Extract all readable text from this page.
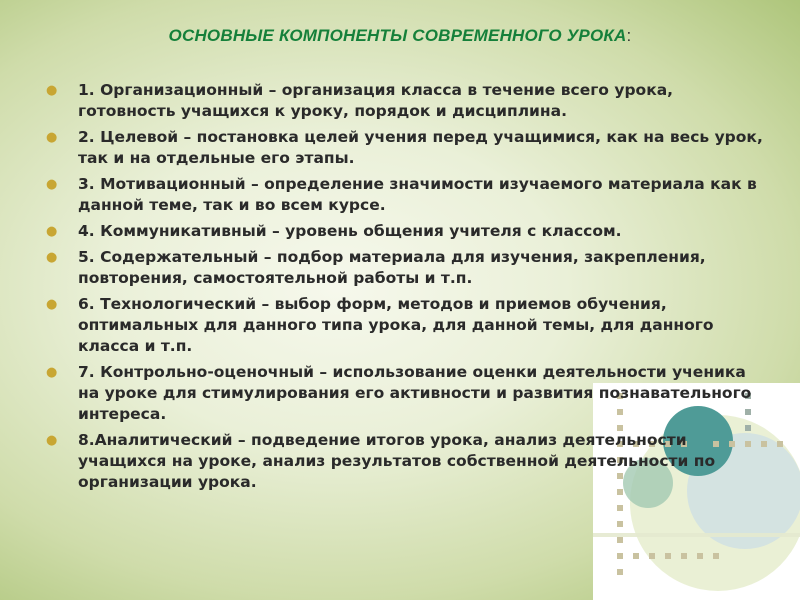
ОСНОВНЫЕ КОМПОНЕНТЫ СОВРЕМЕННОГО УРОКА:
● 1. Организационный – организация класса в течение всего урока, готовность учащихся к уроку, порядок и дисциплина.
● 2. Целевой – постановка целей учения перед учащимися, как на весь урок, так и на отдельные его этапы.
● 3. Мотивационный – определение значимости изучаемого материала как в данной теме, так и во всем курсе.
● 4. Коммуникативный – уровень общения учителя с классом.
● 5. Содержательный – подбор материала для изучения, закрепления, повторения, самостоятельной работы и т.п.
● 6. Технологический – выбор форм, методов и приемов обучения, оптимальных для данного типа урока, для данной темы, для данного класса и т.п.
● 7. Контрольно-оценочный – использование оценки деятельности ученика на уроке для стимулирования его активности и развития познавательного интереса.
● 8.Аналитический – подведение итогов урока, анализ деятельности учащихся на уроке, анализ результатов собственной деятельности по организации урока.
